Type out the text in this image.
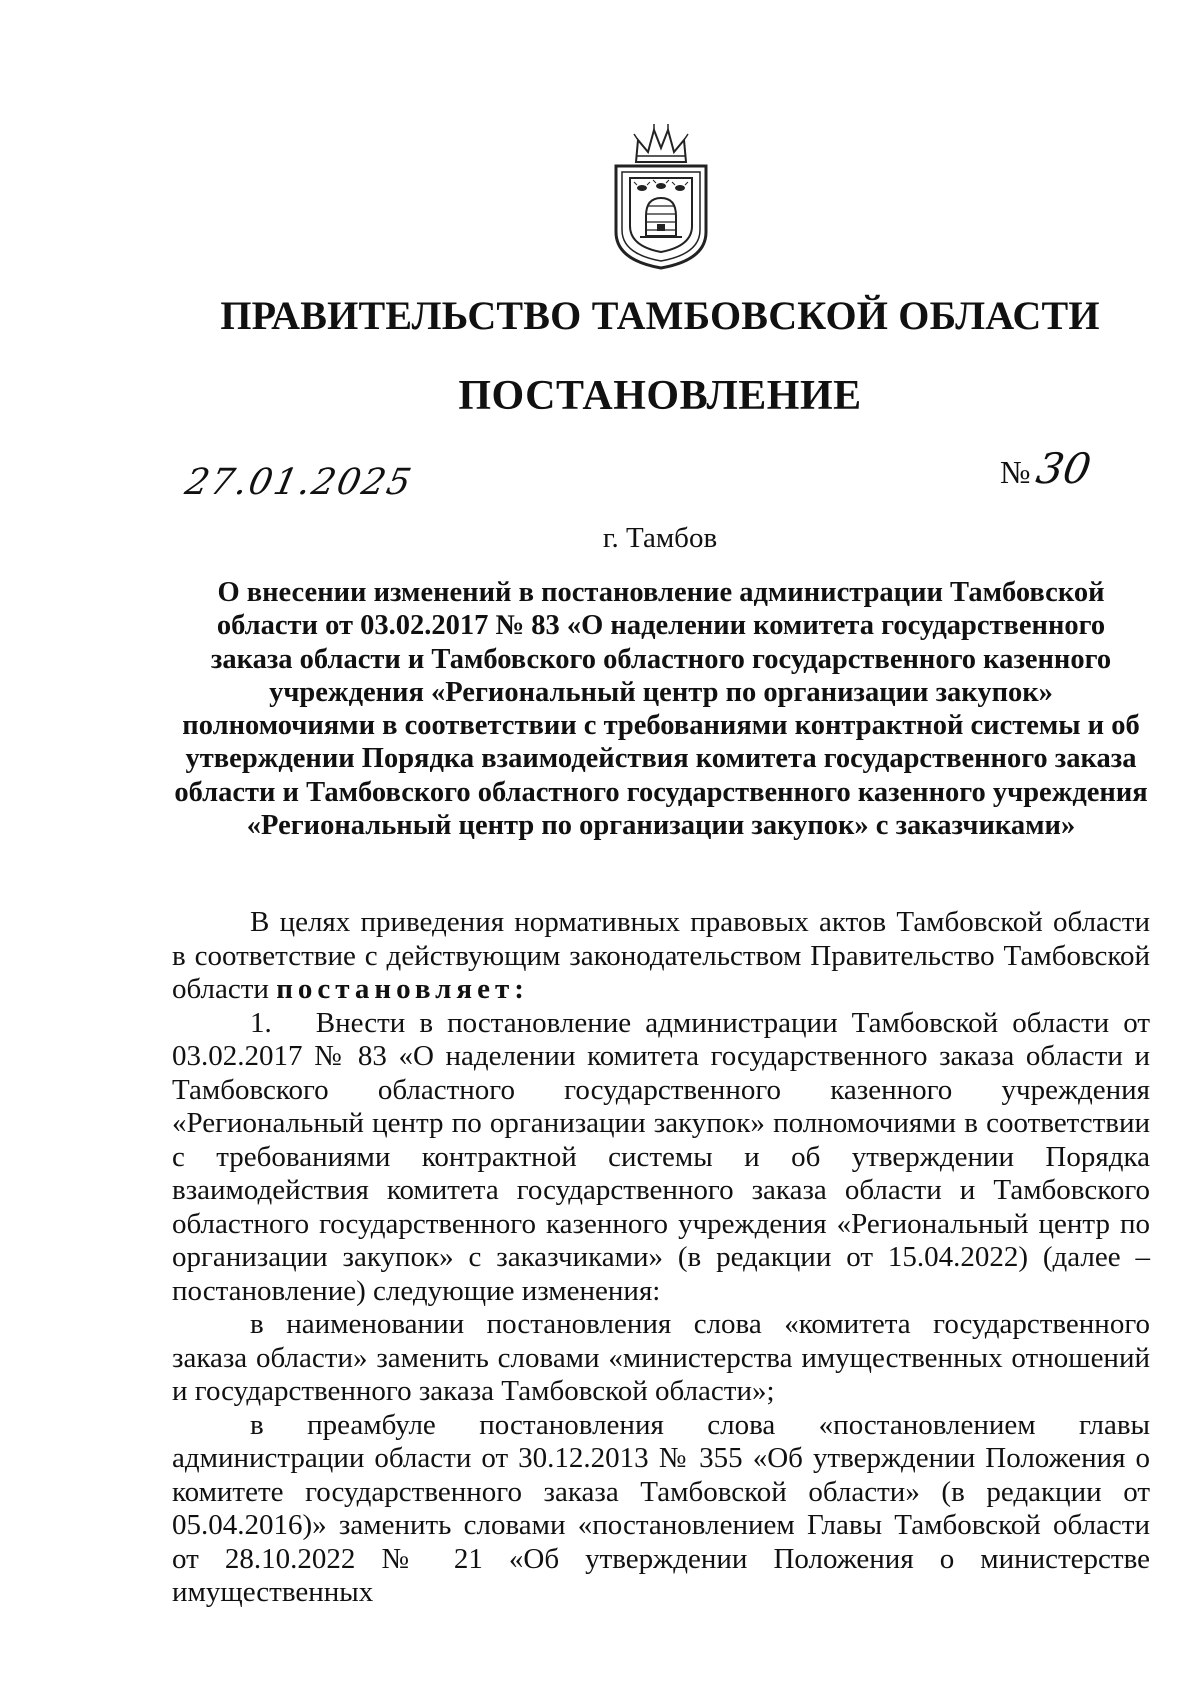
ПРАВИТЕЛЬСТВО ТАМБОВСКОЙ ОБЛАСТИ
ПОСТАНОВЛЕНИЕ
27.01.2025	№30
г. Тамбов
О внесении изменений в постановление администрации Тамбовской
области от 03.02.2017 № 83 «О наделении комитета государственного
заказа области и Тамбовского областного государственного казенного
учреждения «Региональный центр по организации закупок»
полномочиями в соответствии с требованиями контрактной системы и об
утверждении Порядка взаимодействия комитета государственного заказа
области и Тамбовского областного государственного казенного учреждения
«Региональный центр по организации закупок» с заказчиками»

В целях приведения нормативных правовых актов Тамбовской области в соответствие с действующим законодательством Правительство Тамбовской области постановляет:

1. Внести в постановление администрации Тамбовской области от 03.02.2017 № 83 «О наделении комитета государственного заказа области и Тамбовского областного государственного казенного учреждения «Региональный центр по организации закупок» полномочиями в соответствии с требованиями контрактной системы и об утверждении Порядка взаимодействия комитета государственного заказа области и Тамбовского областного государственного казенного учреждения «Региональный центр по организации закупок» с заказчиками» (в редакции от 15.04.2022) (далее – постановление) следующие изменения:

в наименовании постановления слова «комитета государственного заказа области» заменить словами «министерства имущественных отношений и государственного заказа Тамбовской области»;

в преамбуле постановления слова «постановлением главы администрации области от 30.12.2013 № 355 «Об утверждении Положения о комитете государственного заказа Тамбовской области» (в редакции от 05.04.2016)» заменить словами «постановлением Главы Тамбовской области от 28.10.2022 № 21 «Об утверждении Положения о министерстве имущественных
